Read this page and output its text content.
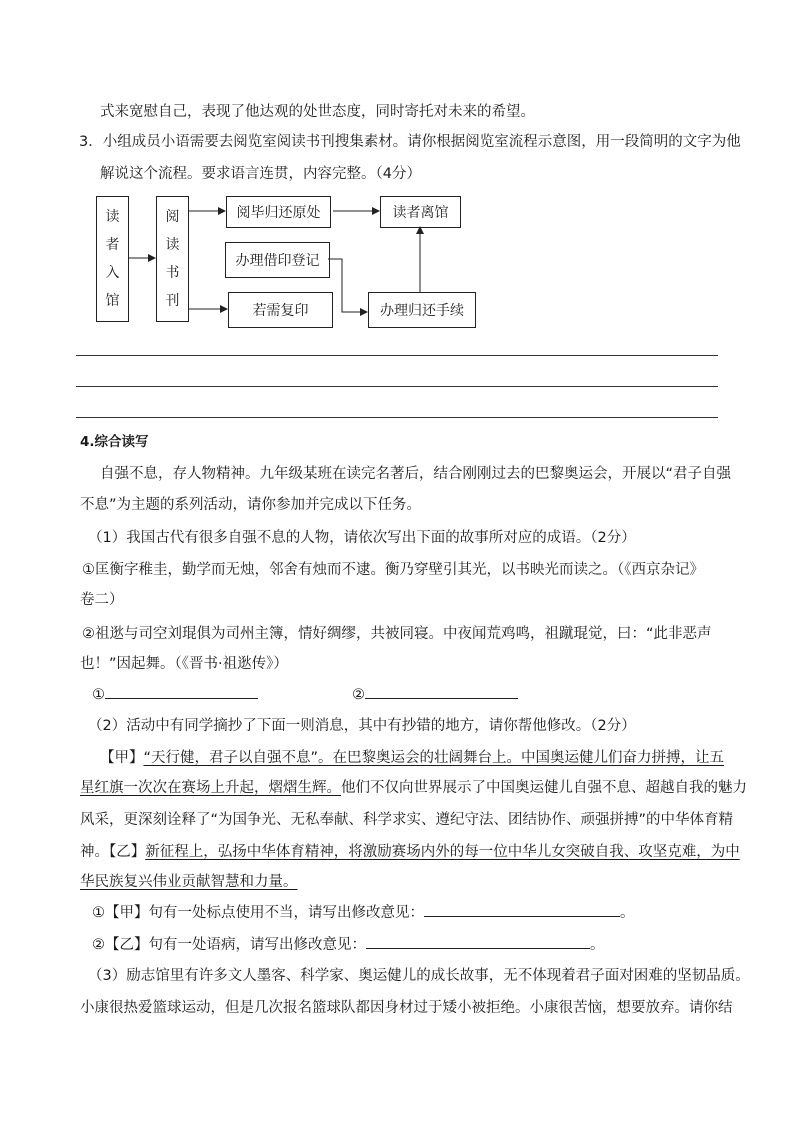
式来宽慰自己，表现了他达观的处世态度，同时寄托对未来的希望。
3．小组成员小语需要去阅览室阅读书刊搜集素材。请你根据阅览室流程示意图，用一段简明的文字为他
解说这个流程。要求语言连贯，内容完整。（4分）
读
者
入
馆
阅
读
书
刊
阅毕归还原处	读者离馆
办理借印登记
若需复印	办理归还手续
4.综合读写
自强不息，存人物精神。九年级某班在读完名著后，结合刚刚过去的巴黎奥运会，开展以“君子自强
不息”为主题的系列活动，请你参加并完成以下任务。
（1）我国古代有很多自强不息的人物，请依次写出下面的故事所对应的成语。（2分）
①匡衡字稚圭，勤学而无烛，邻舍有烛而不逮。衡乃穿壁引其光，以书映光而读之。（《西京杂记》
卷二）
②祖逖与司空刘琨俱为司州主簿，情好绸缪，共被同寝。中夜闻荒鸡鸣，祖蹴琨觉，曰：“此非恶声
也！”因起舞。（《晋书·祖逖传》）
①	②
（2）活动中有同学摘抄了下面一则消息，其中有抄错的地方，请你帮他修改。（2分）
【甲】“天行健，君子以自强不息”。在巴黎奥运会的壮阔舞台上。中国奥运健儿们奋力拼搏，让五
星红旗一次次在赛场上升起，熠熠生辉。他们不仅向世界展示了中国奥运健儿自强不息、超越自我的魅力
风采，更深刻诠释了“为国争光、无私奉献、科学求实、遵纪守法、团结协作、顽强拼搏”的中华体育精
神。【乙】新征程上，弘扬中华体育精神，将激励赛场内外的每一位中华儿女突破自我、攻坚克难，为中
华民族复兴伟业贡献智慧和力量。
①【甲】句有一处标点使用不当，请写出修改意见：	。
②【乙】句有一处语病，请写出修改意见：	。
（3）励志馆里有许多文人墨客、科学家、奥运健儿的成长故事，无不体现着君子面对困难的坚韧品质。
小康很热爱篮球运动，但是几次报名篮球队都因身材过于矮小被拒绝。小康很苦恼，想要放弃。请你结
